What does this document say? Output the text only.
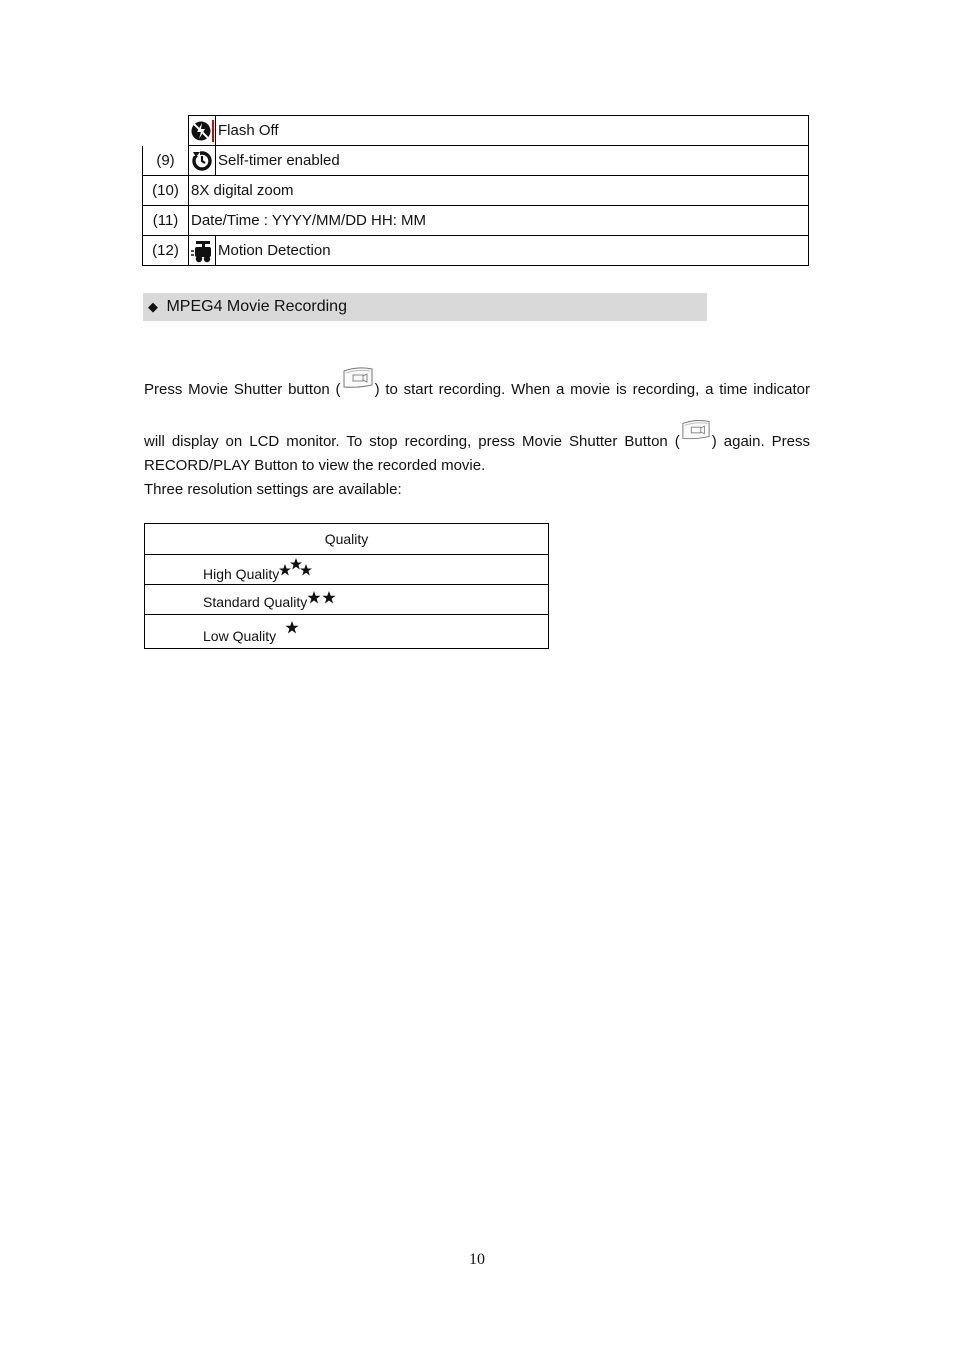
	Flash Off
(9)		Self-timer enabled
(10)	8X digital zoom	
(11)	Date/Time : YYYY/MM/DD HH: MM	
(12)		Motion Detection
◆ MPEG4 Movie Recording
Press Movie Shutter button ( ) to start recording. When a movie is recording, a time indicator
will display on LCD monitor. To stop recording, press Movie Shutter Button ( ) again. Press
RECORD/PLAY Button to view the recorded movie.
Three resolution settings are available:
Quality
High Quality
Standard Quality
Low Quality
10
